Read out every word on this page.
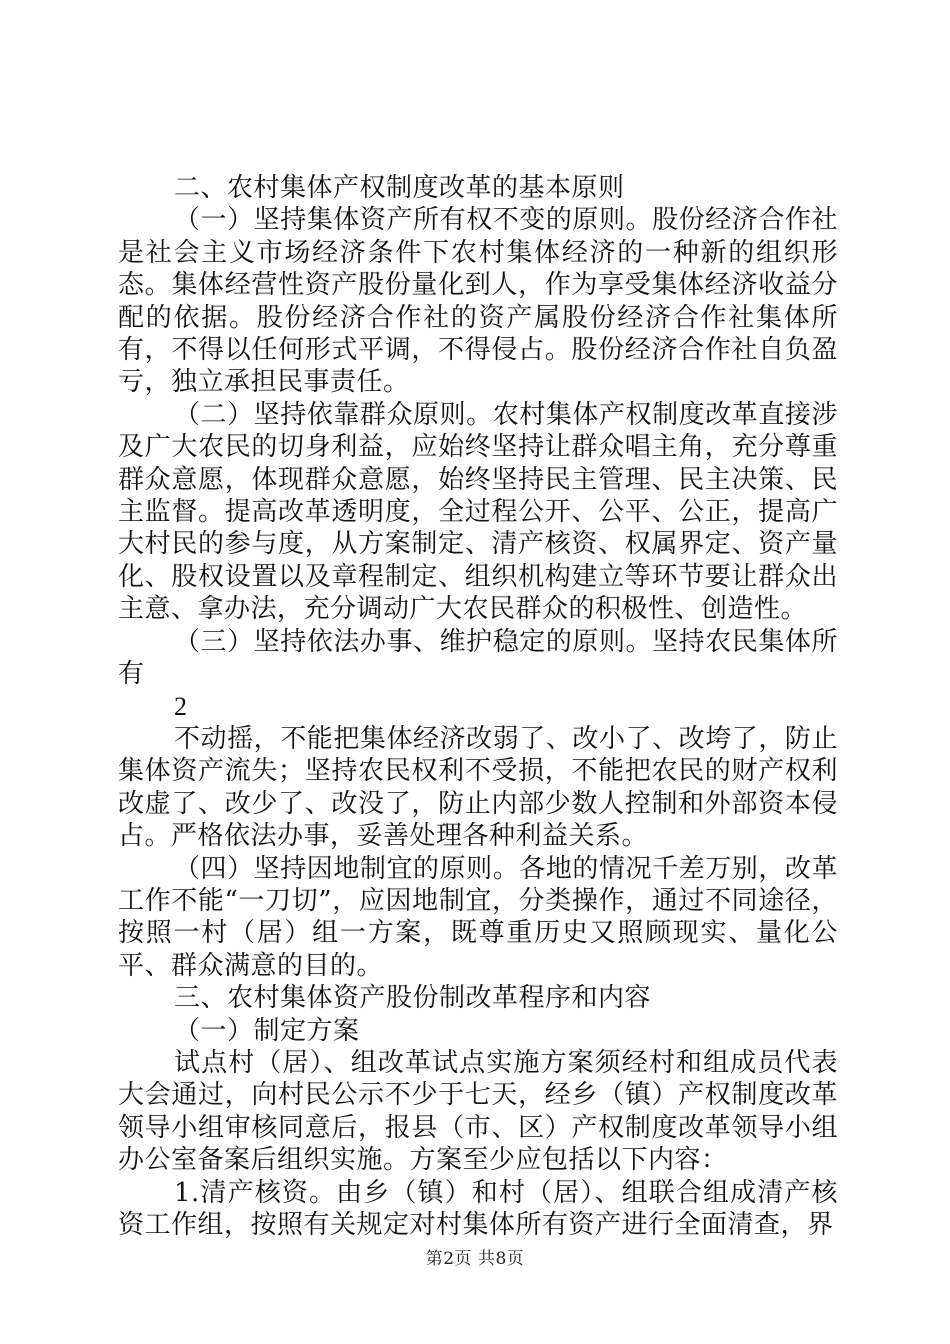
二、农村集体产权制度改革的基本原则

（一）坚持集体资产所有权不变的原则。股份经济合作社是社会主义市场经济条件下农村集体经济的一种新的组织形态。集体经营性资产股份量化到人，作为享受集体经济收益分配的依据。股份经济合作社的资产属股份经济合作社集体所有，不得以任何形式平调，不得侵占。股份经济合作社自负盈亏，独立承担民事责任。

（二）坚持依靠群众原则。农村集体产权制度改革直接涉及广大农民的切身利益，应始终坚持让群众唱主角，充分尊重群众意愿，体现群众意愿，始终坚持民主管理、民主决策、民主监督。提高改革透明度，全过程公开、公平、公正，提高广大村民的参与度，从方案制定、清产核资、权属界定、资产量化、股权设置以及章程制定、组织机构建立等环节要让群众出主意、拿办法，充分调动广大农民群众的积极性、创造性。

（三）坚持依法办事、维护稳定的原则。坚持农民集体所有

2

不动摇，不能把集体经济改弱了、改小了、改垮了，防止集体资产流失；坚持农民权利不受损，不能把农民的财产权利改虚了、改少了、改没了，防止内部少数人控制和外部资本侵占。严格依法办事，妥善处理各种利益关系。

（四）坚持因地制宜的原则。各地的情况千差万别，改革工作不能“一刀切”，应因地制宜，分类操作，通过不同途径，按照一村（居）组一方案，既尊重历史又照顾现实、量化公平、群众满意的目的。

三、农村集体资产股份制改革程序和内容

（一）制定方案

试点村（居）、组改革试点实施方案须经村和组成员代表大会通过，向村民公示不少于七天，经乡（镇）产权制度改革领导小组审核同意后，报县（市、区）产权制度改革领导小组办公室备案后组织实施。方案至少应包括以下内容：

1.清产核资。由乡（镇）和村（居）、组联合组成清产核资工作组，按照有关规定对村集体所有资产进行全面清查，界

第2页 共8页
